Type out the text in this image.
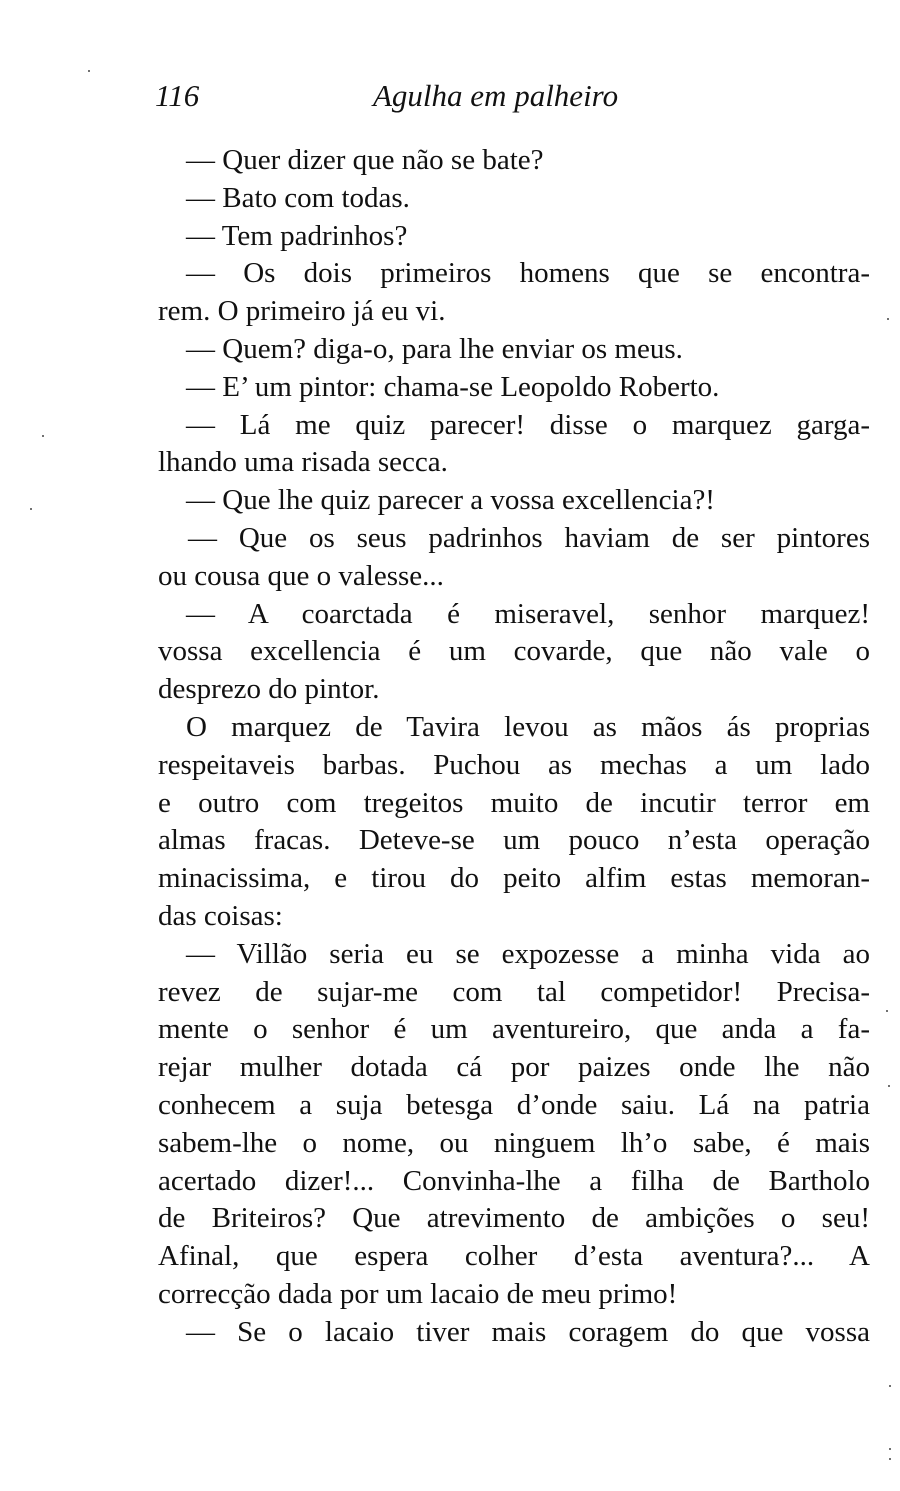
116	Agulha em palheiro
— Quer dizer que não se bate?
— Bato com todas.
— Tem padrinhos?
— Os dois primeiros homens que se encontra-
rem. O primeiro já eu vi.
— Quem? diga-o, para lhe enviar os meus.
— E’ um pintor: chama-se Leopoldo Roberto.
— Lá me quiz parecer! disse o marquez garga-
lhando uma risada secca.
— Que lhe quiz parecer a vossa excellencia?!
— Que os seus padrinhos haviam de ser pintores
ou cousa que o valesse...
— A coarctada é miseravel, senhor marquez!
vossa excellencia é um covarde, que não vale o
desprezo do pintor.
O marquez de Tavira levou as mãos ás proprias
respeitaveis barbas. Puchou as mechas a um lado
e outro com tregeitos muito de incutir terror em
almas fracas. Deteve-se um pouco n’esta operação
minacissima, e tirou do peito alfim estas memoran-
das coisas:
— Villão seria eu se expozesse a minha vida ao
revez de sujar-me com tal competidor! Precisa-
mente o senhor é um aventureiro, que anda a fa-
rejar mulher dotada cá por paizes onde lhe não
conhecem a suja betesga d’onde saiu. Lá na patria
sabem-lhe o nome, ou ninguem lh’o sabe, é mais
acertado dizer!... Convinha-lhe a filha de Bartholo
de Briteiros? Que atrevimento de ambições o seu!
Afinal, que espera colher d’esta aventura?... A
correcção dada por um lacaio de meu primo!
— Se o lacaio tiver mais coragem do que vossa
